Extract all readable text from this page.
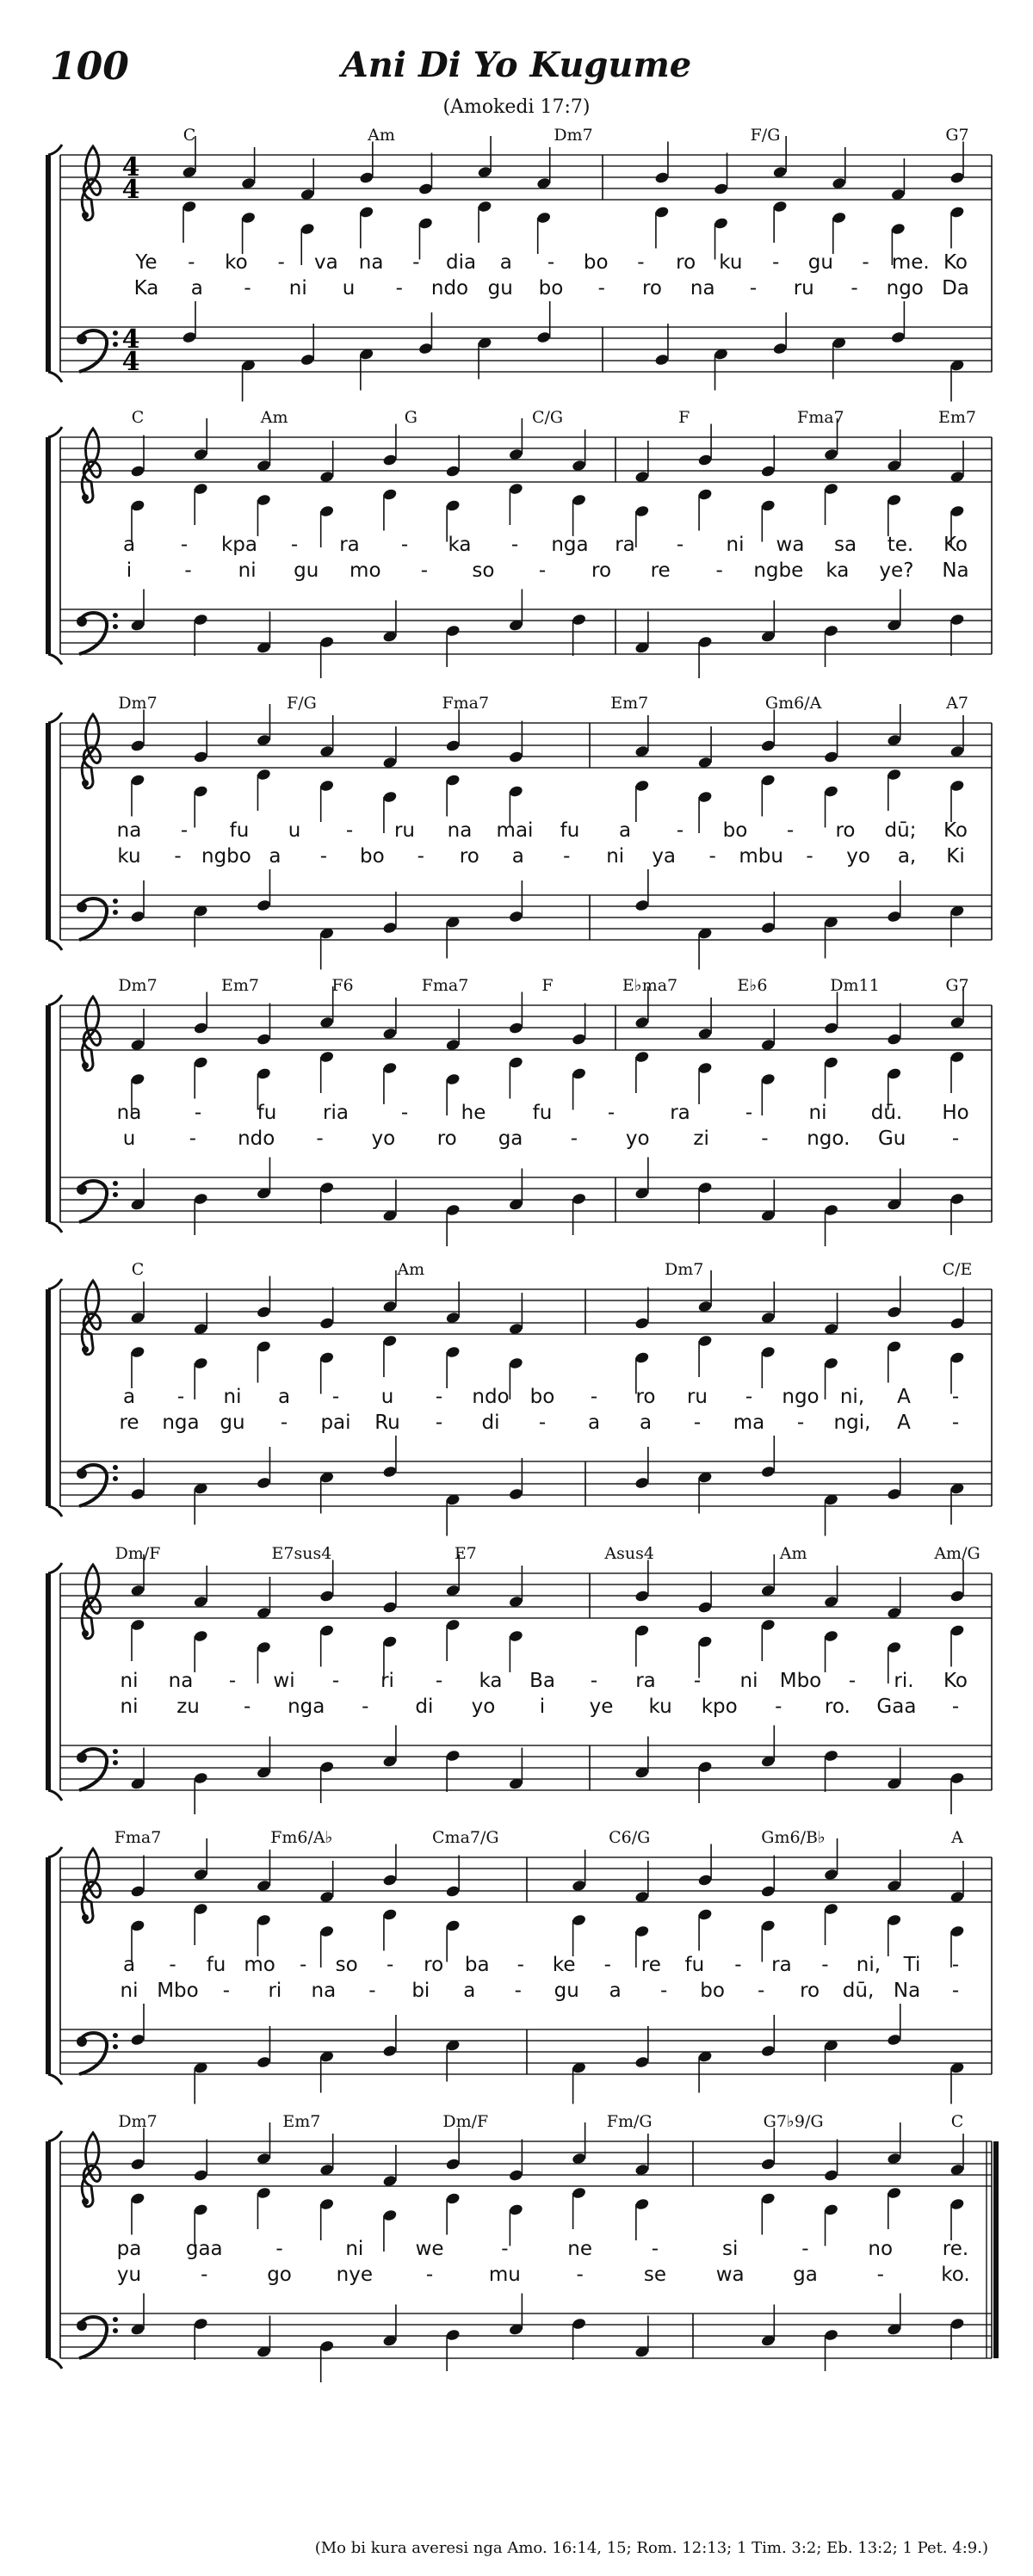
100	Ani Di Yo Kugume
(Amokedi 17:7)
4
4
4
4
C	Am	Dm7	F/G	G7
Ye - ko - va na - dia a - bo - ro ku - gu - me. Ko
Ka a - ni u - ndo gu bo - ro na - ru - ngo Da
C	Am	G	C/G	F	Fma7	Em7
a - kpa - ra - ka - nga ra - ni wa sa te. Ko
i	- ni gu mo - so - ro re - ngbe ka ye? Na
Dm7	F/G	Fma7	Em7	Gm6/A	A7
na - fu u - ru na mai fu a - bo - ro dū; Ko
ku - ngbo a - bo - ro a - ni ya - mbu - yo a, Ki
Dm7	Em7	F6	Fma7	F	E♭ma7	E♭6	Dm11	G7
na	-	fu ria	-	he fu	-	ra	-	ni dū. Ho
u	- ndo - yo ro ga - yo zi	- ngo. Gu -
C	Am	Dm7	C/E
a - ni a - u - ndo bo - ro ru - ngo ni, A -
re nga gu - pai Ru - di - a a - ma - ngi, A -
Dm/F	E7sus4	E7	Asus4	Am	Am/G
ni na - wi - ri - ka Ba - ra - ni Mbo - ri. Ko
ni zu - nga - di yo i ye ku kpo - ro. Gaa -
Fma7	Fm6/A♭	Cma7/G	C6/G	Gm6/B♭	A
a - fu mo - so - ro ba - ke - re fu - ra - ni, Ti -
ni Mbo - ri na - bi a - gu a - bo - ro dū, Na -
Dm7	Em7	Dm/F	Fm/G	G7♭9/G	C
pa gaa	-	ni	we	-	ne	-	si	-	no	re.
yu	-	go nye	-	mu	-	se	wa ga	-	ko.
(Mo bi kura averesi nga Amo. 16:14, 15; Rom. 12:13; 1 Tim. 3:2; Eb. 13:2; 1 Pet. 4:9.)
